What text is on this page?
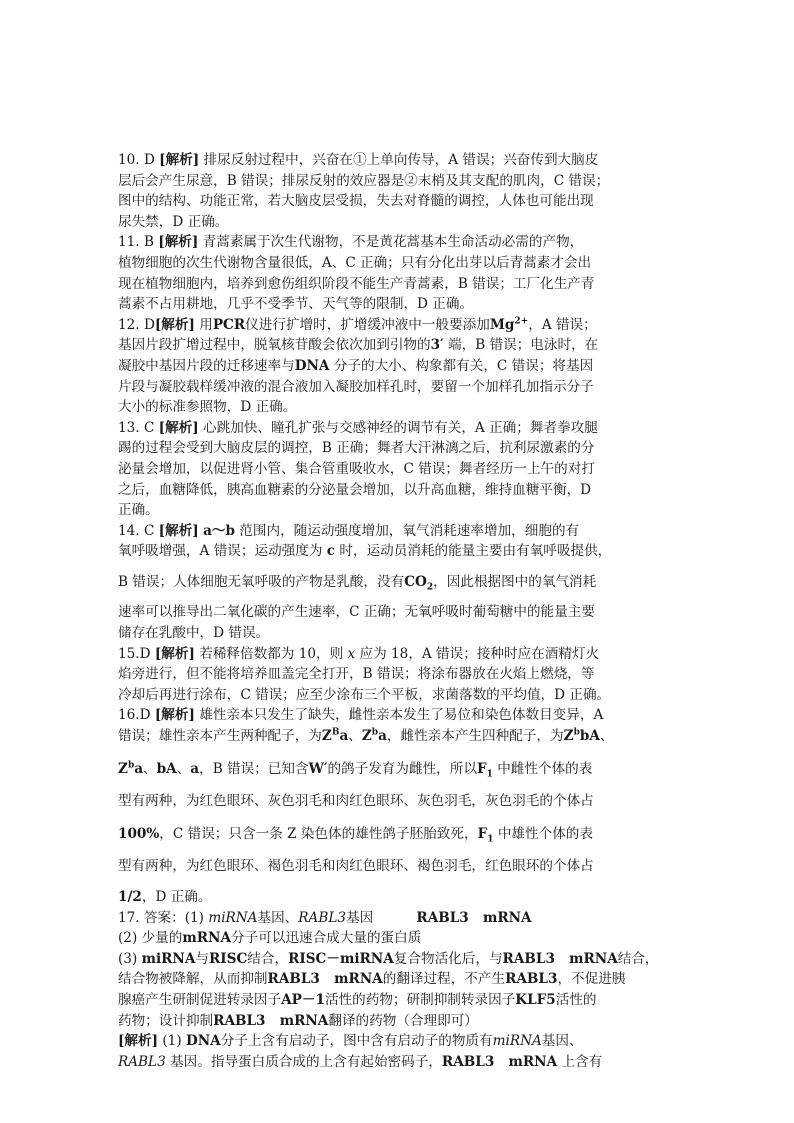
10. D [解析] 排尿反射过程中，兴奋在①上单向传导，A 错误；兴奋传到大脑皮
层后会产生尿意，B 错误；排尿反射的效应器是②末梢及其支配的肌肉，C 错误；
图中的结构、功能正常，若大脑皮层受损，失去对脊髓的调控，人体也可能出现
尿失禁，D 正确。

11. B [解析] 青蒿素属于次生代谢物，不是黄花蒿基本生命活动必需的产物，
植物细胞的次生代谢物含量很低，A、C 正确；只有分化出芽以后青蒿素才会出
现在植物细胞内，培养到愈伤组织阶段不能生产青蒿素，B 错误；工厂化生产青
蒿素不占用耕地，几乎不受季节、天气等的限制，D 正确。

12. D[解析] 用PCR仪进行扩增时，扩增缓冲液中一般要添加$Mg^{2+}$，A 错误；
基因片段扩增过程中，脱氧核苷酸会依次加到引物的3′ 端，B 错误；电泳时，在
凝胶中基因片段的迁移速率与DNA 分子的大小、构象都有关，C 错误；将基因
片段与凝胶载样缓冲液的混合液加入凝胶加样孔时，要留一个加样孔加指示分子
大小的标准参照物，D 正确。

13. C [解析] 心跳加快、瞳孔扩张与交感神经的调节有关，A 正确；舞者拳攻腿
踢的过程会受到大脑皮层的调控，B 正确；舞者大汗淋漓之后，抗利尿激素的分
泌量会增加，以促进肾小管、集合管重吸收水，C 错误；舞者经历一上午的对打
之后，血糖降低，胰高血糖素的分泌量会增加，以升高血糖，维持血糖平衡，D
正确。

14. C [解析] a～b 范围内，随运动强度增加，氧气消耗速率增加，细胞的有
氧呼吸增强，A 错误；运动强度为 c 时，运动员消耗的能量主要由有氧呼吸提供，

B 错误；人体细胞无氧呼吸的产物是乳酸，没有$CO_2$，因此根据图中的氧气消耗

速率可以推导出二氧化碳的产生速率，C 正确；无氧呼吸时葡萄糖中的能量主要
储存在乳酸中，D 错误。

15.D [解析] 若稀释倍数都为 10，则 x 应为 18，A 错误；接种时应在酒精灯火
焰旁进行，但不能将培养皿盖完全打开，B 错误；将涂布器放在火焰上燃烧，等
冷却后再进行涂布，C 错误；应至少涂布三个平板，求菌落数的平均值，D 正确。

16.D [解析] 雄性亲本只发生了缺失，雌性亲本发生了易位和染色体数目变异，A
错误；雄性亲本产生两种配子，为$Z^Ba$、$Z^ba$，雌性亲本产生四种配子，为$Z^bbA$、

$Z^ba$、bA、a，B 错误；已知含W′的鸽子发育为雌性，所以$F_1$ 中雌性个体的表

型有两种，为红色眼环、灰色羽毛和肉红色眼环、灰色羽毛，灰色羽毛的个体占

100%，C 错误；只含一条 Z 染色体的雄性鸽子胚胎致死，$F_1$ 中雄性个体的表

型有两种，为红色眼环、褐色羽毛和肉红色眼环、褐色羽毛，红色眼环的个体占

1/2，D 正确。

17. 答案：(1) miRNA基因、RABL3基因          RABL3   mRNA
(2) 少量的mRNA分子可以迅速合成大量的蛋白质
(3) miRNA与RISC结合，RISC－miRNA复合物活化后，与RABL3   mRNA结合，
结合物被降解，从而抑制RABL3   mRNA的翻译过程，不产生RABL3，不促进胰
腺癌产生研制促进转录因子AP－1活性的药物；研制抑制转录因子KLF5活性的
药物；设计抑制RABL3   mRNA翻译的药物（合理即可）
[解析] (1) DNA分子上含有启动子，图中含有启动子的物质有miRNA基因、
RABL3 基因。指导蛋白质合成的上含有起始密码子，RABL3   mRNA 上含有
